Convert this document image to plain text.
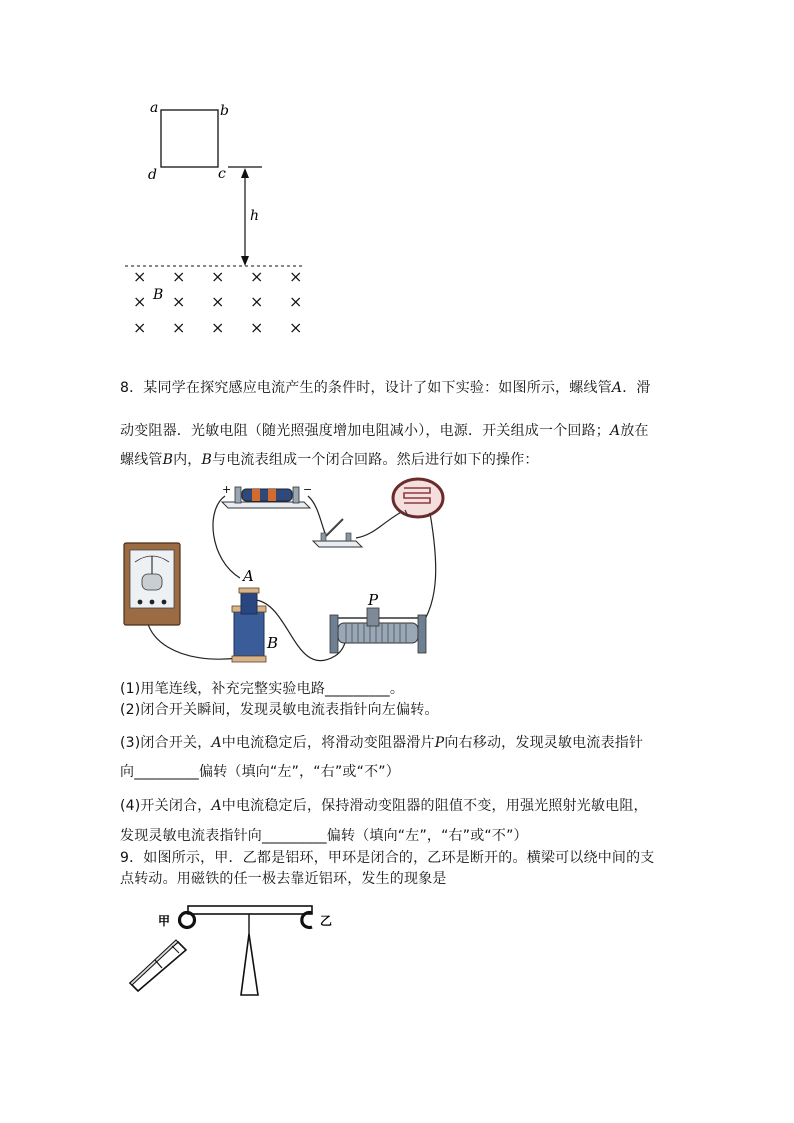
a	b
c
d
h
× × × × ×
× × × × ×
× × × × ×
B
8．某同学在探究感应电流产生的条件时，设计了如下实验：如图所示，螺线管A．滑
动变阻器．光敏电阻（随光照强度增加电阻减小），电源．开关组成一个回路；A放在
螺线管B内，B与电流表组成一个闭合回路。然后进行如下的操作：
+	−
A
B
P
(1)用笔连线，补充完整实验电路_________。
(2)闭合开关瞬间，发现灵敏电流表指针向左偏转。
(3)闭合开关，A中电流稳定后，将滑动变阻器滑片P向右移动，发现灵敏电流表指针
向_________偏转（填向“左”，“右”或“不”）
(4)开关闭合，A中电流稳定后，保持滑动变阻器的阻值不变，用强光照射光敏电阻，
发现灵敏电流表指针向_________偏转（填向“左”，“右”或“不”）
9．如图所示，甲．乙都是铝环，甲环是闭合的，乙环是断开的。横梁可以绕中间的支
点转动。用磁铁的任一极去靠近铝环，发生的现象是
甲	乙
